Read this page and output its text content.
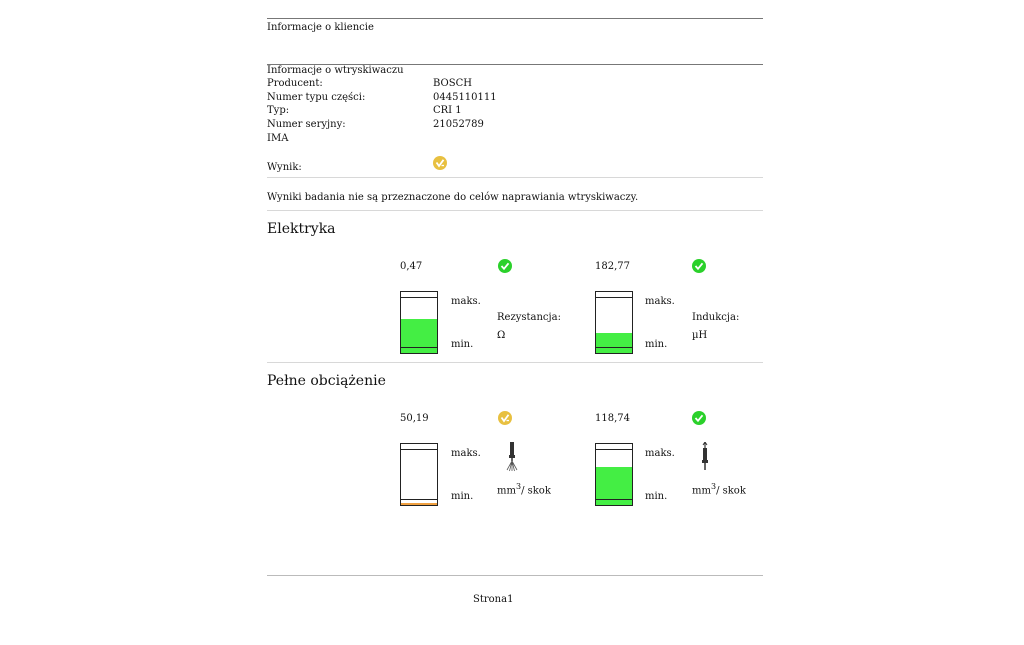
Informacje o kliencie
Informacje o wtryskiwaczu
Producent:	BOSCH
Numer typu części:	0445110111
Typ:	CRI 1
Numer seryjny:	21052789
IMA
Wynik:
Wyniki badania nie są przeznaczone do celów naprawiania wtryskiwaczy.
Elektryka
0,47
maks.
min.
Rezystancja:
Ω
182,77
maks.
min.
Indukcja:
µH
Pełne obciążenie
50,19
maks.
min.
$mm^3/$ skok
118,74
maks.
min.
$mm^3/$ skok
Strona1
